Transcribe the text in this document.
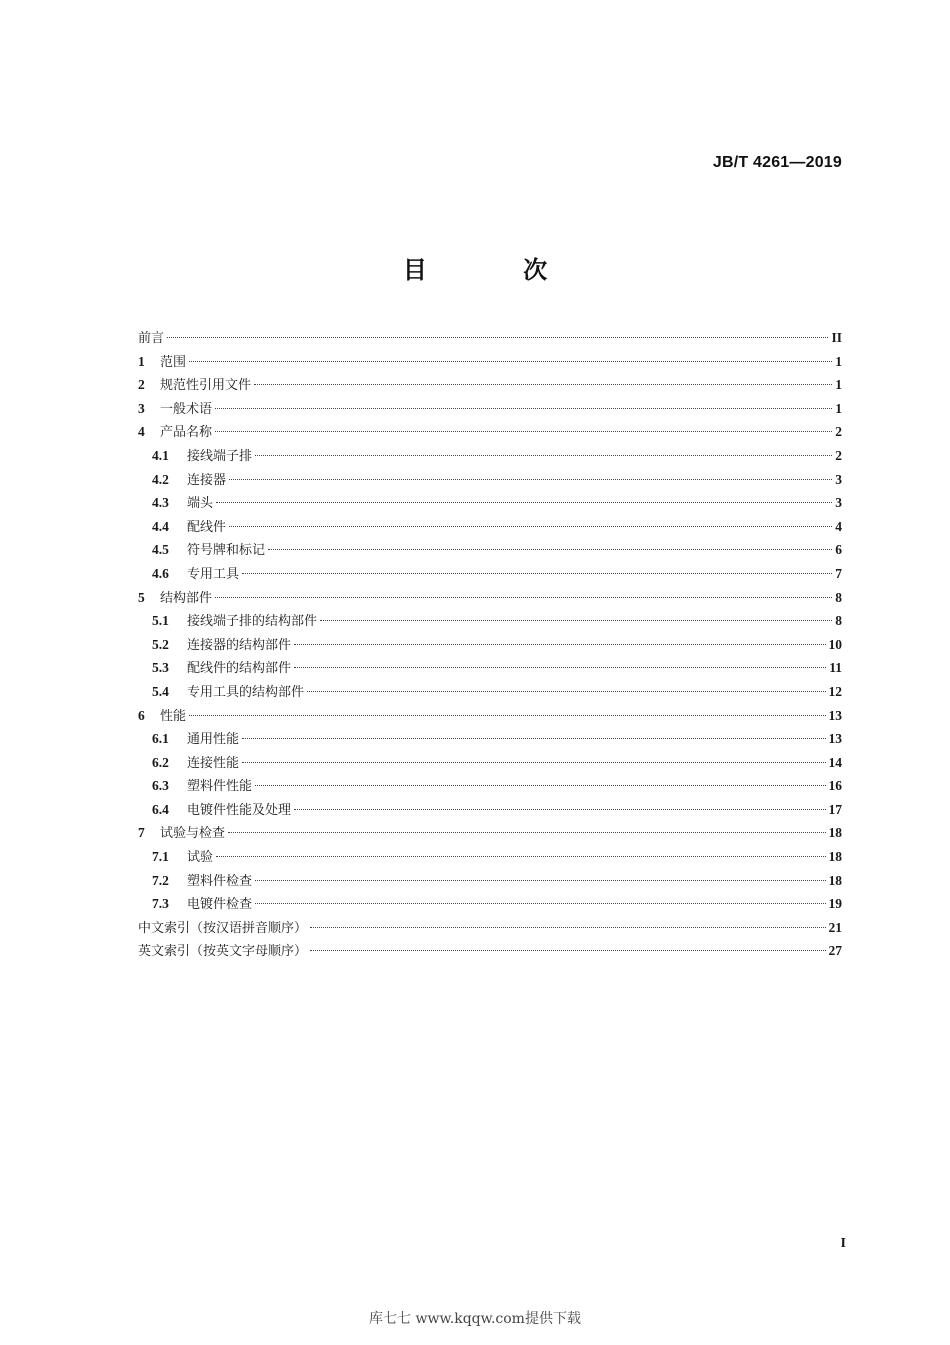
JB/T 4261—2019
目 次
前言	II
1	范围	1
2	规范性引用文件	1
3	一般术语	1
4	产品名称	2
4.1	接线端子排	2
4.2	连接器	3
4.3	端头	3
4.4	配线件	4
4.5	符号牌和标记	6
4.6	专用工具	7
5	结构部件	8
5.1	接线端子排的结构部件	8
5.2	连接器的结构部件	10
5.3	配线件的结构部件	11
5.4	专用工具的结构部件	12
6	性能	13
6.1	通用性能	13
6.2	连接性能	14
6.3	塑料件性能	16
6.4	电镀件性能及处理	17
7	试验与检查	18
7.1	试验	18
7.2	塑料件检查	18
7.3	电镀件检查	19
中文索引（按汉语拼音顺序）	21
英文索引（按英文字母顺序）	27
I
库七七 www.kqqw.com提供下载
